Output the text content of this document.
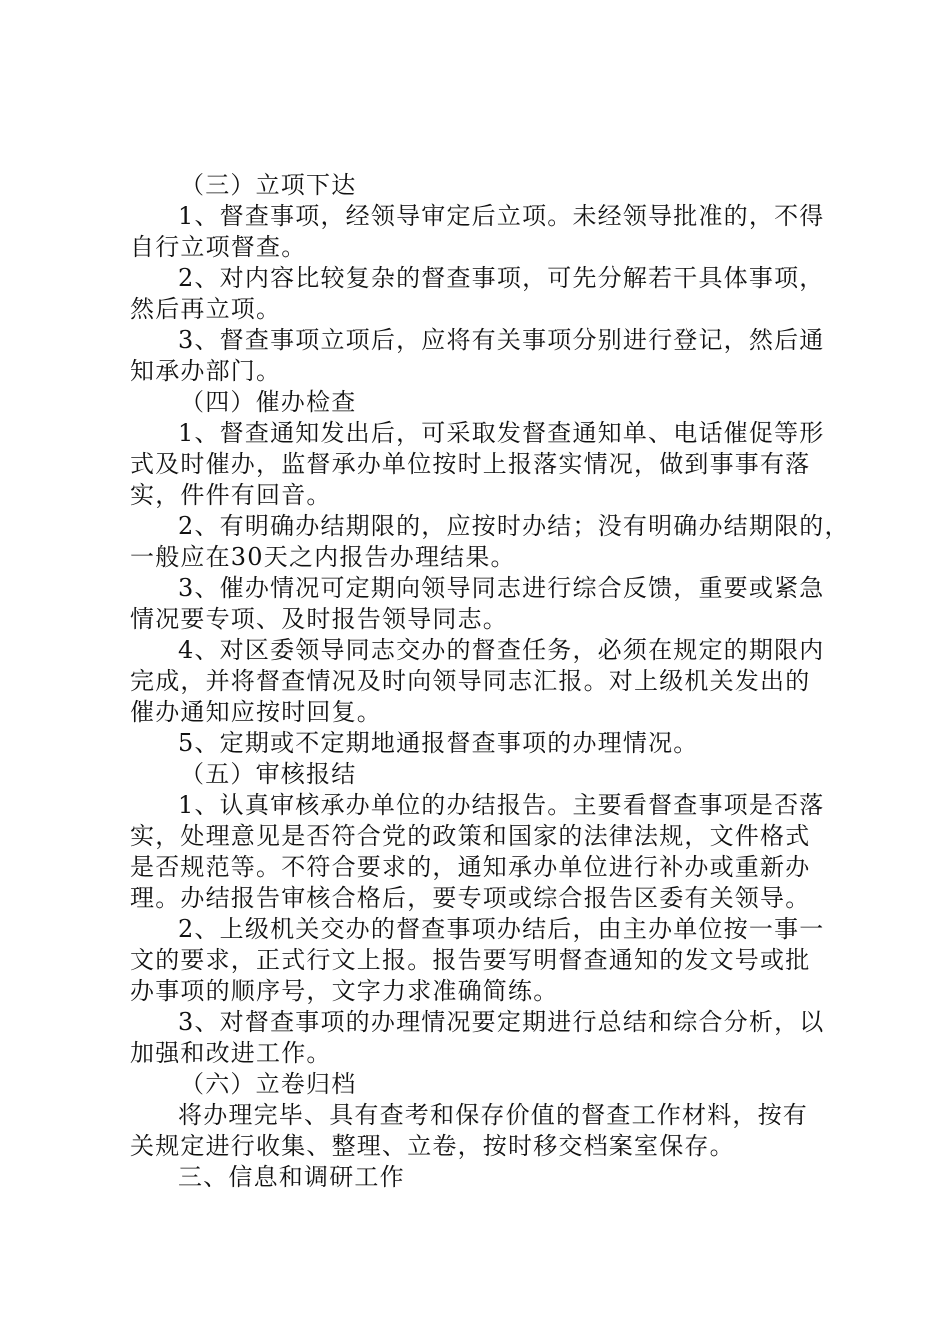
（三）立项下达
1、督查事项，经领导审定后立项。未经领导批准的，不得
自行立项督查。
2、对内容比较复杂的督查事项，可先分解若干具体事项，
然后再立项。
3、督查事项立项后，应将有关事项分别进行登记，然后通
知承办部门。
（四）催办检查
1、督查通知发出后，可采取发督查通知单、电话催促等形
式及时催办，监督承办单位按时上报落实情况，做到事事有落
实，件件有回音。
2、有明确办结期限的，应按时办结；没有明确办结期限的，
一般应在30天之内报告办理结果。
3、催办情况可定期向领导同志进行综合反馈，重要或紧急
情况要专项、及时报告领导同志。
4、对区委领导同志交办的督查任务，必须在规定的期限内
完成，并将督查情况及时向领导同志汇报。对上级机关发出的
催办通知应按时回复。
5、定期或不定期地通报督查事项的办理情况。
（五）审核报结
1、认真审核承办单位的办结报告。主要看督查事项是否落
实，处理意见是否符合党的政策和国家的法律法规，文件格式
是否规范等。不符合要求的，通知承办单位进行补办或重新办
理。办结报告审核合格后，要专项或综合报告区委有关领导。
2、上级机关交办的督查事项办结后，由主办单位按一事一
文的要求，正式行文上报。报告要写明督查通知的发文号或批
办事项的顺序号，文字力求准确简练。
3、对督查事项的办理情况要定期进行总结和综合分析，以
加强和改进工作。
（六）立卷归档
将办理完毕、具有查考和保存价值的督查工作材料，按有
关规定进行收集、整理、立卷，按时移交档案室保存。
三、信息和调研工作
